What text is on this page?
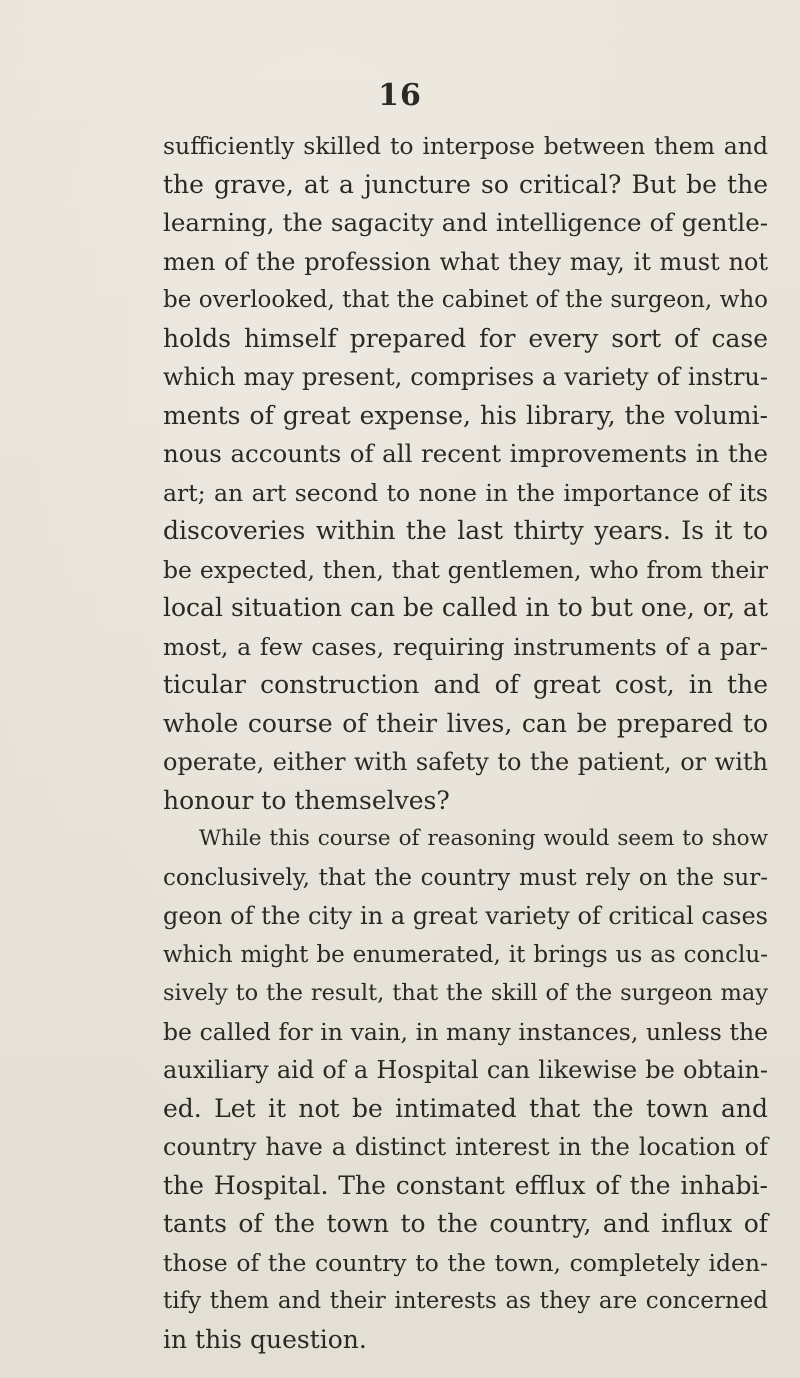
16
sufficiently skilled to interpose between them and
the grave, at a juncture so critical? But be the
learning, the sagacity and intelligence of gentle-
men of the profession what they may, it must not
be overlooked, that the cabinet of the surgeon, who
holds himself prepared for every sort of case
which may present, comprises a variety of instru-
ments of great expense, his library, the volumi-
nous accounts of all recent improvements in the
art; an art second to none in the importance of its
discoveries within the last thirty years. Is it to
be expected, then, that gentlemen, who from their
local situation can be called in to but one, or, at
most, a few cases, requiring instruments of a par-
ticular construction and of great cost, in the
whole course of their lives, can be prepared to
operate, either with safety to the patient, or with
honour to themselves?
While this course of reasoning would seem to show
conclusively, that the country must rely on the sur-
geon of the city in a great variety of critical cases
which might be enumerated, it brings us as conclu-
sively to the result, that the skill of the surgeon may
be called for in vain, in many instances, unless the
auxiliary aid of a Hospital can likewise be obtain-
ed. Let it not be intimated that the town and
country have a distinct interest in the location of
the Hospital. The constant efflux of the inhabi-
tants of the town to the country, and influx of
those of the country to the town, completely iden-
tify them and their interests as they are concerned
in this question.
